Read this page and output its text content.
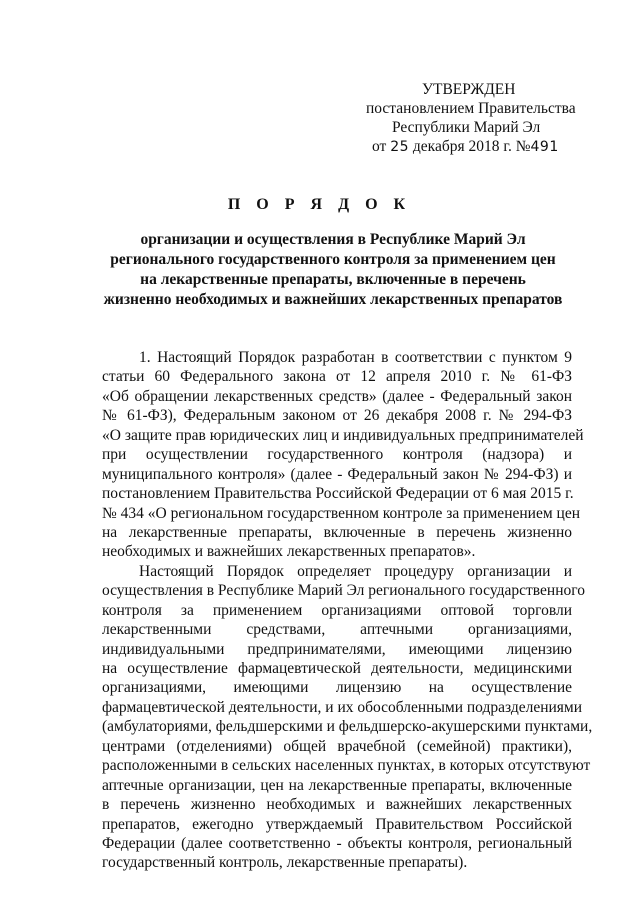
УТВЕРЖДЕН
постановлением Правительства
Республики Марий Эл
от 25 декабря 2018 г. №491
П О Р Я Д О К
организации и осуществления в Республике Марий Эл
регионального государственного контроля за применением цен
на лекарственные препараты, включенные в перечень
жизненно необходимых и важнейших лекарственных препаратов
1. Настоящий Порядок разработан в соответствии с пунктом 9
статьи 60 Федерального закона от 12 апреля 2010 г. № 61-ФЗ
«Об обращении лекарственных средств» (далее - Федеральный закон
№ 61-ФЗ), Федеральным законом от 26 декабря 2008 г. № 294-ФЗ
«О защите прав юридических лиц и индивидуальных предпринимателей
при осуществлении государственного контроля (надзора) и
муниципального контроля» (далее - Федеральный закон № 294-ФЗ) и
постановлением Правительства Российской Федерации от 6 мая 2015 г.
№ 434 «О региональном государственном контроле за применением цен
на лекарственные препараты, включенные в перечень жизненно
необходимых и важнейших лекарственных препаратов».
Настоящий Порядок определяет процедуру организации и
осуществления в Республике Марий Эл регионального государственного
контроля за применением организациями оптовой торговли
лекарственными средствами, аптечными организациями,
индивидуальными предпринимателями, имеющими лицензию
на осуществление фармацевтической деятельности, медицинскими
организациями, имеющими лицензию на осуществление
фармацевтической деятельности, и их обособленными подразделениями
(амбулаториями, фельдшерскими и фельдшерско-акушерскими пунктами,
центрами (отделениями) общей врачебной (семейной) практики),
расположенными в сельских населенных пунктах, в которых отсутствуют
аптечные организации, цен на лекарственные препараты, включенные
в перечень жизненно необходимых и важнейших лекарственных
препаратов, ежегодно утверждаемый Правительством Российской
Федерации (далее соответственно - объекты контроля, региональный
государственный контроль, лекарственные препараты).
